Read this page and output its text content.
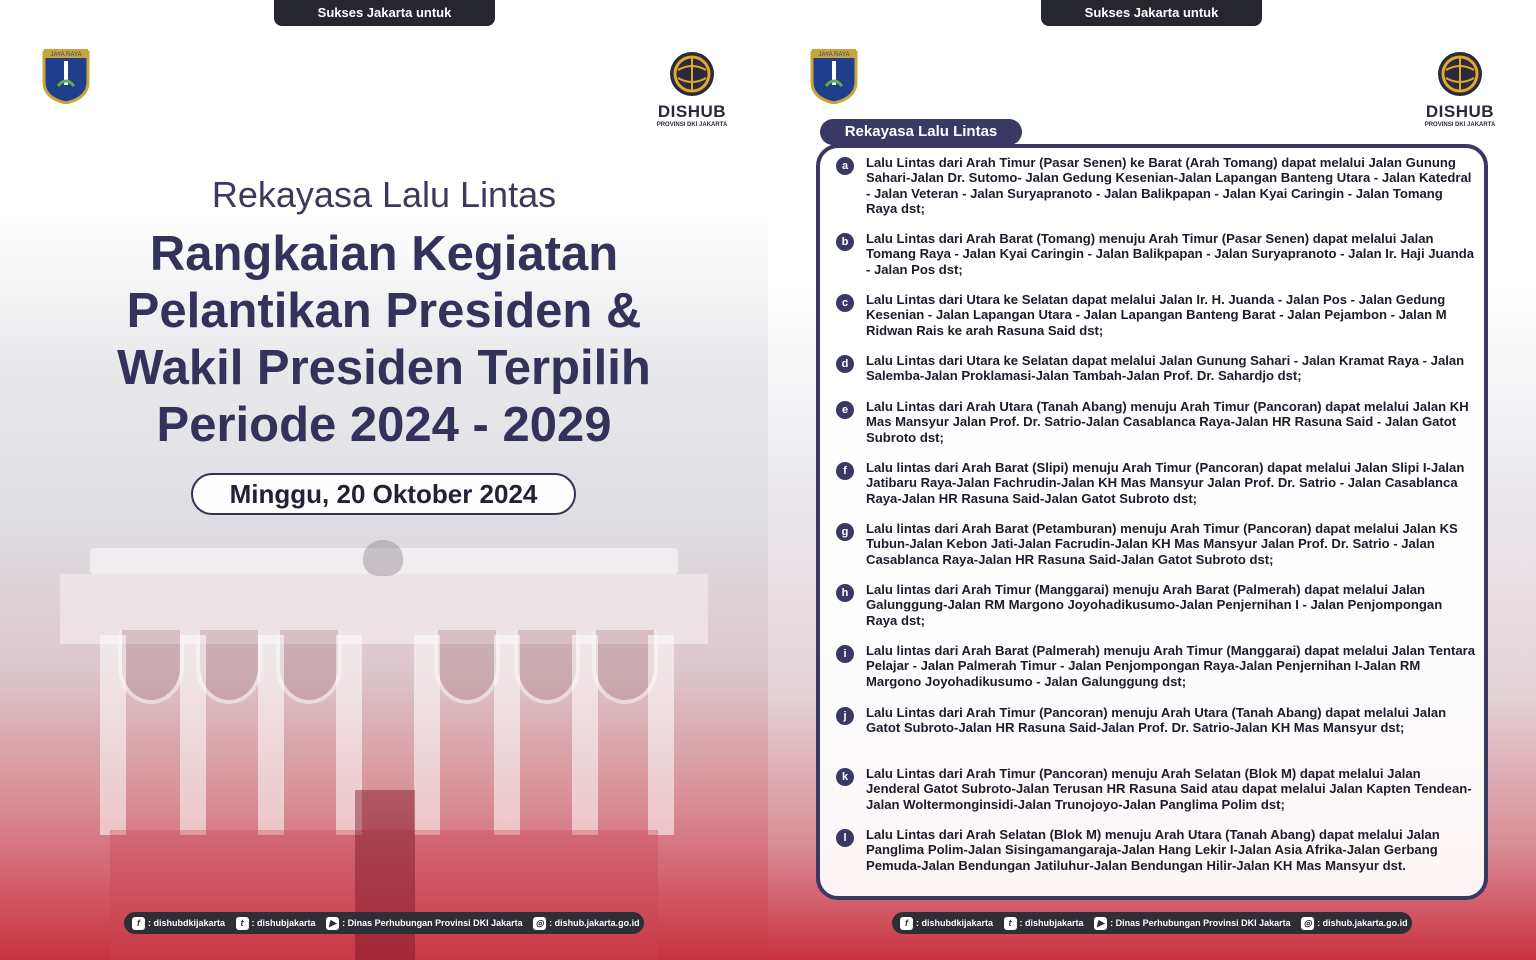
Sukses Jakarta untuk Indonesia
JAYA RAYA
DISHUB
PROVINSI DKI JAKARTA
Rekayasa Lalu Lintas
Rangkaian Kegiatan
Pelantikan Presiden &
Wakil Presiden Terpilih
Periode 2024 - 2029
Minggu, 20 Oktober 2024
f : dishubdkijakarta t : dishubjakarta ▶ : Dinas Perhubungan Provinsi DKI Jakarta ◎ : dishub.jakarta.go.id
Sukses Jakarta untuk Indonesia
JAYA RAYA
DISHUB
PROVINSI DKI JAKARTA
Rekayasa Lalu Lintas
a	Lalu Lintas dari Arah Timur (Pasar Senen) ke Barat (Arah Tomang) dapat melalui Jalan Gunung Sahari-Jalan Dr. Sutomo- Jalan Gedung Kesenian-Jalan Lapangan Banteng Utara - Jalan Katedral - Jalan Veteran - Jalan Suryapranoto - Jalan Balikpapan - Jalan Kyai Caringin - Jalan Tomang Raya dst;
b	Lalu Lintas dari Arah Barat (Tomang) menuju Arah Timur (Pasar Senen) dapat melalui Jalan Tomang Raya - Jalan Kyai Caringin - Jalan Balikpapan - Jalan Suryapranoto - Jalan Ir. Haji Juanda - Jalan Pos dst;
c	Lalu Lintas dari Utara ke Selatan dapat melalui Jalan Ir. H. Juanda - Jalan Pos - Jalan Gedung Kesenian - Jalan Lapangan Utara - Jalan Lapangan Banteng Barat - Jalan Pejambon - Jalan M Ridwan Rais ke arah Rasuna Said dst;
d	Lalu Lintas dari Utara ke Selatan dapat melalui Jalan Gunung Sahari - Jalan Kramat Raya - Jalan Salemba-Jalan Proklamasi-Jalan Tambah-Jalan Prof. Dr. Sahardjo dst;
e	Lalu Lintas dari Arah Utara (Tanah Abang) menuju Arah Timur (Pancoran) dapat melalui Jalan KH Mas Mansyur Jalan Prof. Dr. Satrio-Jalan Casablanca Raya-Jalan HR Rasuna Said - Jalan Gatot Subroto dst;
f	Lalu lintas dari Arah Barat (Slipi) menuju Arah Timur (Pancoran) dapat melalui Jalan Slipi I-Jalan Jatibaru Raya-Jalan Fachrudin-Jalan KH Mas Mansyur Jalan Prof. Dr. Satrio - Jalan Casablanca Raya-Jalan HR Rasuna Said-Jalan Gatot Subroto dst;
g	Lalu lintas dari Arah Barat (Petamburan) menuju Arah Timur (Pancoran) dapat melalui Jalan KS Tubun-Jalan Kebon Jati-Jalan Facrudin-Jalan KH Mas Mansyur Jalan Prof. Dr. Satrio - Jalan Casablanca Raya-Jalan HR Rasuna Said-Jalan Gatot Subroto dst;
h	Lalu lintas dari Arah Timur (Manggarai) menuju Arah Barat (Palmerah) dapat melalui Jalan Galunggung-Jalan RM Margono Joyohadikusumo-Jalan Penjernihan I - Jalan Penjompongan Raya dst;
i	Lalu lintas dari Arah Barat (Palmerah) menuju Arah Timur (Manggarai) dapat melalui Jalan Tentara Pelajar - Jalan Palmerah Timur - Jalan Penjompongan Raya-Jalan Penjernihan I-Jalan RM Margono Joyohadikusumo - Jalan Galunggung dst;
j	Lalu Lintas dari Arah Timur (Pancoran) menuju Arah Utara (Tanah Abang) dapat melalui Jalan Gatot Subroto-Jalan HR Rasuna Said-Jalan Prof. Dr. Satrio-Jalan KH Mas Mansyur dst;
k	Lalu Lintas dari Arah Timur (Pancoran) menuju Arah Selatan (Blok M) dapat melalui Jalan Jenderal Gatot Subroto-Jalan Terusan HR Rasuna Said atau dapat melalui Jalan Kapten Tendean-Jalan Woltermonginsidi-Jalan Trunojoyo-Jalan Panglima Polim dst;
l	Lalu Lintas dari Arah Selatan (Blok M) menuju Arah Utara (Tanah Abang) dapat melalui Jalan Panglima Polim-Jalan Sisingamangaraja-Jalan Hang Lekir I-Jalan Asia Afrika-Jalan Gerbang Pemuda-Jalan Bendungan Jatiluhur-Jalan Bendungan Hilir-Jalan KH Mas Mansyur dst.
f : dishubdkijakarta t : dishubjakarta ▶ : Dinas Perhubungan Provinsi DKI Jakarta ◎ : dishub.jakarta.go.id
